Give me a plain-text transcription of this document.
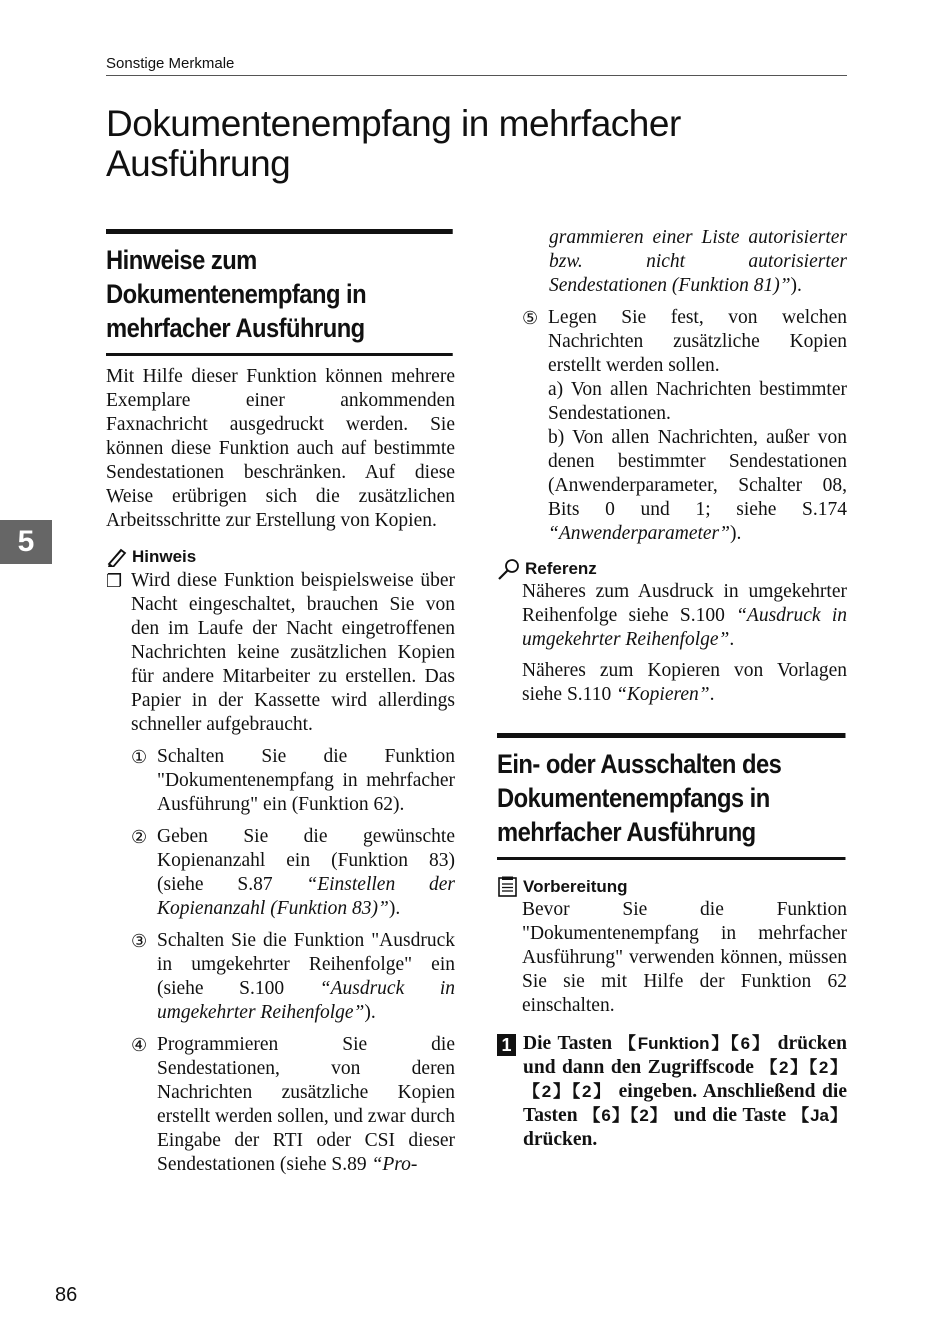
Sonstige Merkmale
Dokumentenempfang in mehrfacher
Ausführung
5
Hinweise zum
Dokumentenempfang in
mehrfacher Ausführung

Mit Hilfe dieser Funktion können mehrere Exemplare einer ankommenden Faxnachricht ausgedruckt werden. Sie können diese Funktion auch auf bestimmte Sendestationen beschränken. Auf diese Weise erübrigen sich die zusätzlichen Arbeitsschritte zur Erstellung von Kopien.

Hinweis
❐ Wird diese Funktion beispielsweise über Nacht eingeschaltet, brauchen Sie von den im Laufe der Nacht eingetroffenen Nachrichten keine zusätzlichen Kopien für andere Mitarbeiter zu erstellen. Das Papier in der Kassette wird allerdings schneller aufgebraucht.

① Schalten Sie die Funktion "Dokumentenempfang in mehrfacher Ausführung" ein (Funktion 62).

② Geben Sie die gewünschte Kopienanzahl ein (Funktion 83) (siehe S.87 “Einstellen der Kopienanzahl (Funktion 83)”).

③ Schalten Sie die Funktion "Ausdruck in umgekehrter Reihenfolge" ein (siehe S.100 “Ausdruck in umgekehrter Reihenfolge”).

④ Programmieren Sie die Sendestationen, von deren Nachrichten zusätzliche Kopien erstellt werden sollen, und zwar durch Eingabe der RTI oder CSI dieser Sendestationen (siehe S.89 “Pro-

grammieren einer Liste autorisierter bzw. nicht autorisierter Sendestationen (Funktion 81)”).

⑤ Legen Sie fest, von welchen Nachrichten zusätzliche Kopien erstellt werden sollen.

a) Von allen Nachrichten bestimmter Sendestationen.

b) Von allen Nachrichten, außer von denen bestimmter Sendestationen (Anwenderparameter, Schalter 08, Bits 0 und 1; siehe S.174 “Anwenderparameter”).

Referenz

Näheres zum Ausdruck in umgekehrter Reihenfolge siehe S.100 “Ausdruck in umgekehrter Reihenfolge”.

Näheres zum Kopieren von Vorlagen siehe S.110 “Kopieren”.

Ein- oder Ausschalten des
Dokumentenempfangs in
mehrfacher Ausführung
Vorbereitung

Bevor Sie die Funktion "Dokumentenempfang in mehrfacher Ausführung" verwenden können, müssen Sie sie mit Hilfe der Funktion 62 einschalten.

1 Die Tasten 【Funktion】【6】 drücken und dann den Zugriffscode 【2】【2】【2】【2】 eingeben. Anschließend die Tasten 【6】【2】 und die Taste 【Ja】 drücken.

86
